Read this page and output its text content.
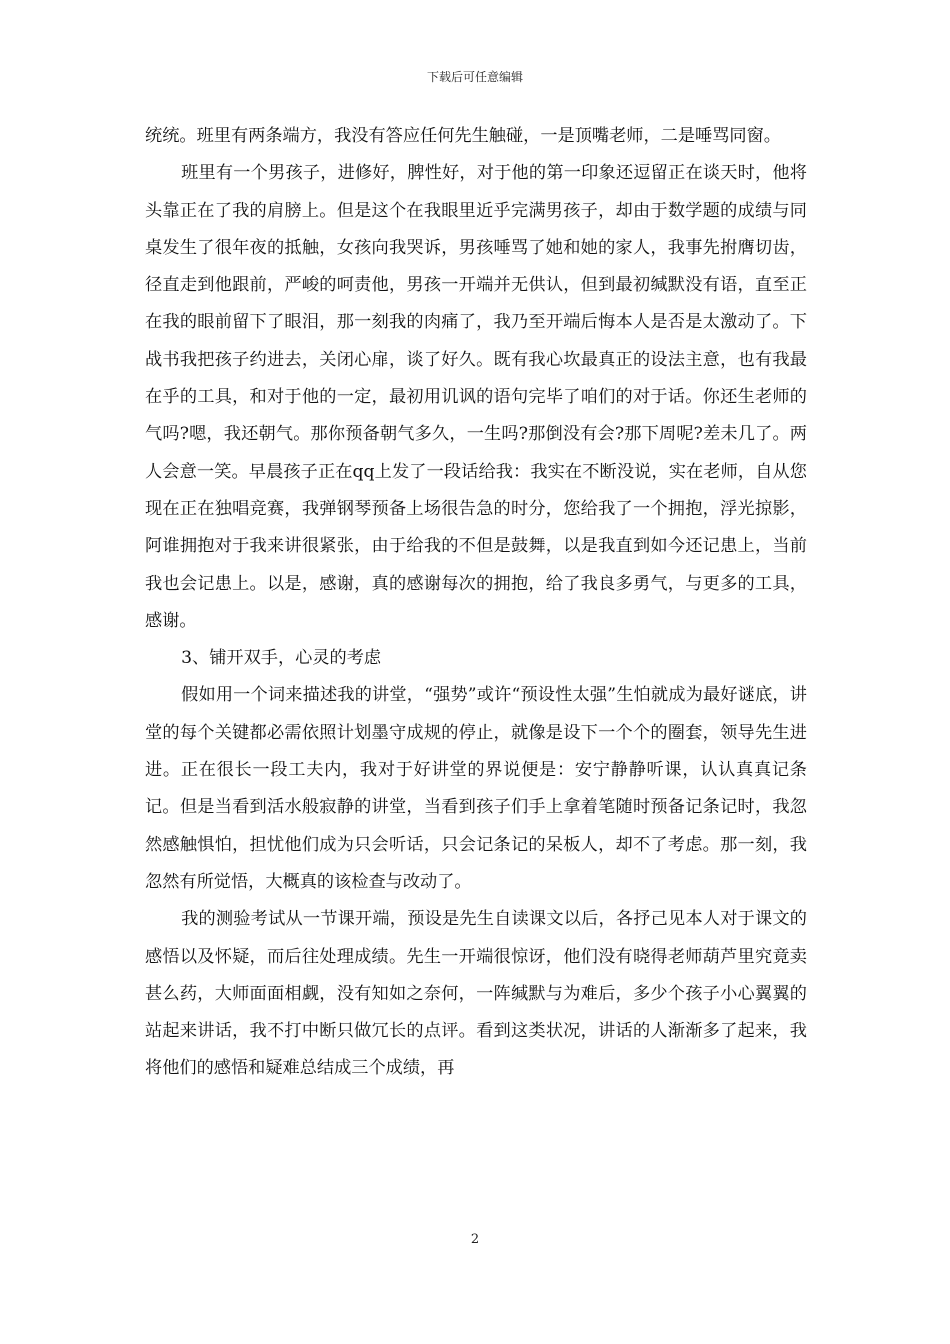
下载后可任意编辑

统统。班里有两条端方，我没有答应任何先生触碰，一是顶嘴老师，二是唾骂同窗。

班里有一个男孩子，进修好，脾性好，对于他的第一印象还逗留正在谈天时，他将头靠正在了我的肩膀上。但是这个在我眼里近乎完满男孩子，却由于数学题的成绩与同桌发生了很年夜的抵触，女孩向我哭诉，男孩唾骂了她和她的家人，我事先拊膺切齿，径直走到他跟前，严峻的呵责他，男孩一开端并无供认，但到最初缄默没有语，直至正在我的眼前留下了眼泪，那一刻我的肉痛了，我乃至开端后悔本人是否是太激动了。下战书我把孩子约进去，关闭心扉，谈了好久。既有我心坎最真正的设法主意，也有我最在乎的工具，和对于他的一定，最初用讥讽的语句完毕了咱们的对于话。你还生老师的气吗?嗯，我还朝气。那你预备朝气多久，一生吗?那倒没有会?那下周呢?差未几了。两人会意一笑。早晨孩子正在qq上发了一段话给我：我实在不断没说，实在老师，自从您现在正在独唱竞赛，我弹钢琴预备上场很告急的时分，您给我了一个拥抱，浮光掠影，阿谁拥抱对于我来讲很紧张，由于给我的不但是鼓舞，以是我直到如今还记患上，当前我也会记患上。以是，感谢，真的感谢每次的拥抱，给了我良多勇气，与更多的工具，感谢。

3、铺开双手，心灵的考虑

假如用一个词来描述我的讲堂，“强势”或许“预设性太强”生怕就成为最好谜底，讲堂的每个关键都必需依照计划墨守成规的停止，就像是设下一个个的圈套，领导先生进进。正在很长一段工夫内，我对于好讲堂的界说便是：安宁静静听课，认认真真记条记。但是当看到活水般寂静的讲堂，当看到孩子们手上拿着笔随时预备记条记时，我忽然感触惧怕，担忧他们成为只会听话，只会记条记的呆板人，却不了考虑。那一刻，我忽然有所觉悟，大概真的该检查与改动了。

我的测验考试从一节课开端，预设是先生自读课文以后，各抒己见本人对于课文的感悟以及怀疑，而后往处理成绩。先生一开端很惊讶，他们没有晓得老师葫芦里究竟卖甚么药，大师面面相觑，没有知如之奈何，一阵缄默与为难后，多少个孩子小心翼翼的站起来讲话，我不打中断只做冗长的点评。看到这类状况，讲话的人渐渐多了起来，我将他们的感悟和疑难总结成三个成绩，再

2
